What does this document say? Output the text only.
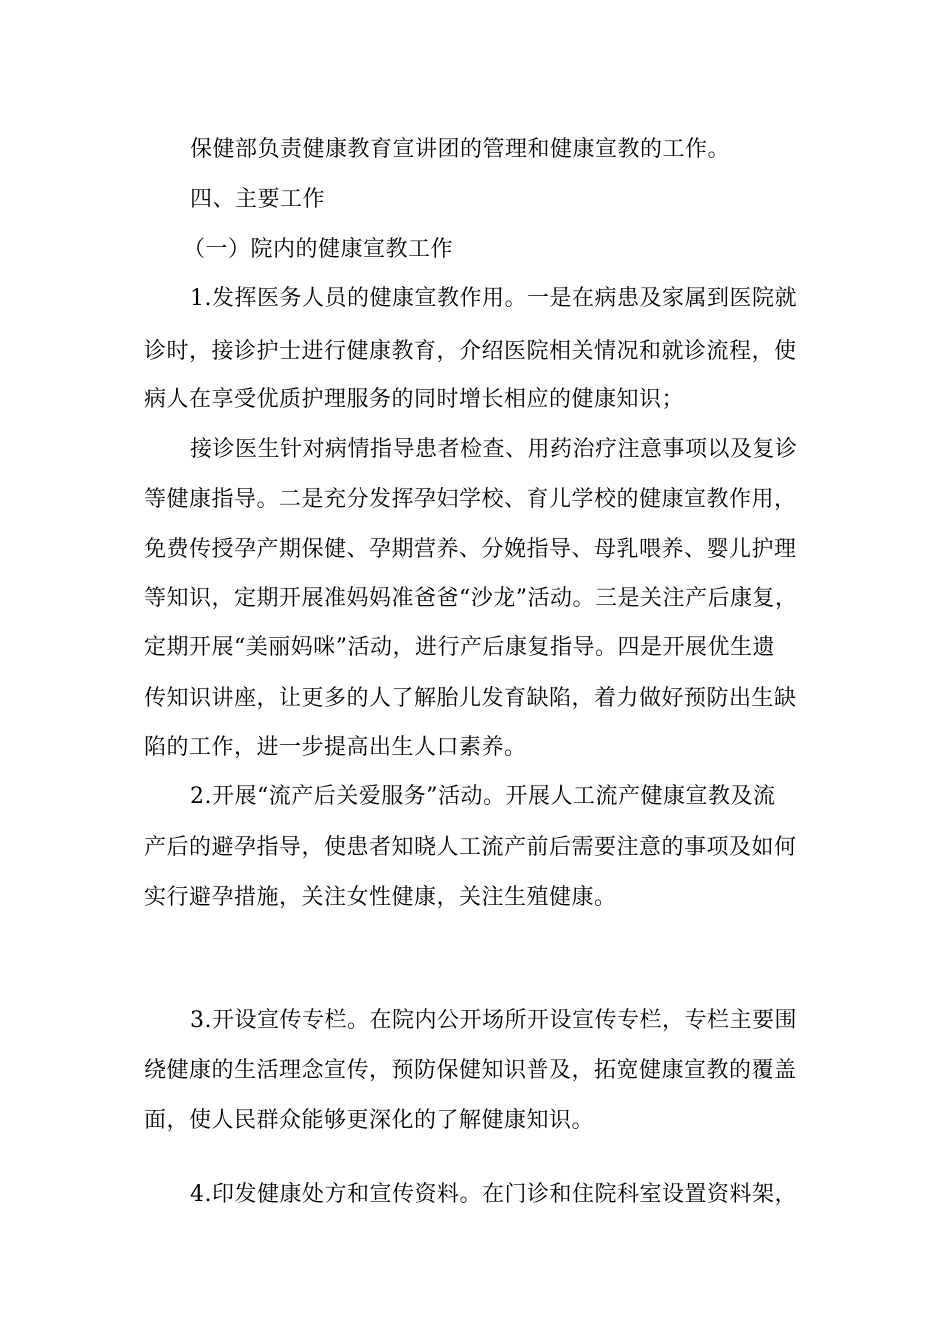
保健部负责健康教育宣讲团的管理和健康宣教的工作。
四、主要工作
（一）院内的健康宣教工作
1.发挥医务人员的健康宣教作用。一是在病患及家属到医院就
诊时，接诊护士进行健康教育，介绍医院相关情况和就诊流程，使
病人在享受优质护理服务的同时增长相应的健康知识；
接诊医生针对病情指导患者检查、用药治疗注意事项以及复诊
等健康指导。二是充分发挥孕妇学校、育儿学校的健康宣教作用，
免费传授孕产期保健、孕期营养、分娩指导、母乳喂养、婴儿护理
等知识，定期开展准妈妈准爸爸“沙龙”活动。三是关注产后康复，
定期开展“美丽妈咪”活动，进行产后康复指导。四是开展优生遗
传知识讲座，让更多的人了解胎儿发育缺陷，着力做好预防出生缺
陷的工作，进一步提高出生人口素养。
2.开展“流产后关爱服务”活动。开展人工流产健康宣教及流
产后的避孕指导，使患者知晓人工流产前后需要注意的事项及如何
实行避孕措施，关注女性健康，关注生殖健康。
3.开设宣传专栏。在院内公开场所开设宣传专栏，专栏主要围
绕健康的生活理念宣传，预防保健知识普及，拓宽健康宣教的覆盖
面，使人民群众能够更深化的了解健康知识。
4.印发健康处方和宣传资料。在门诊和住院科室设置资料架，
